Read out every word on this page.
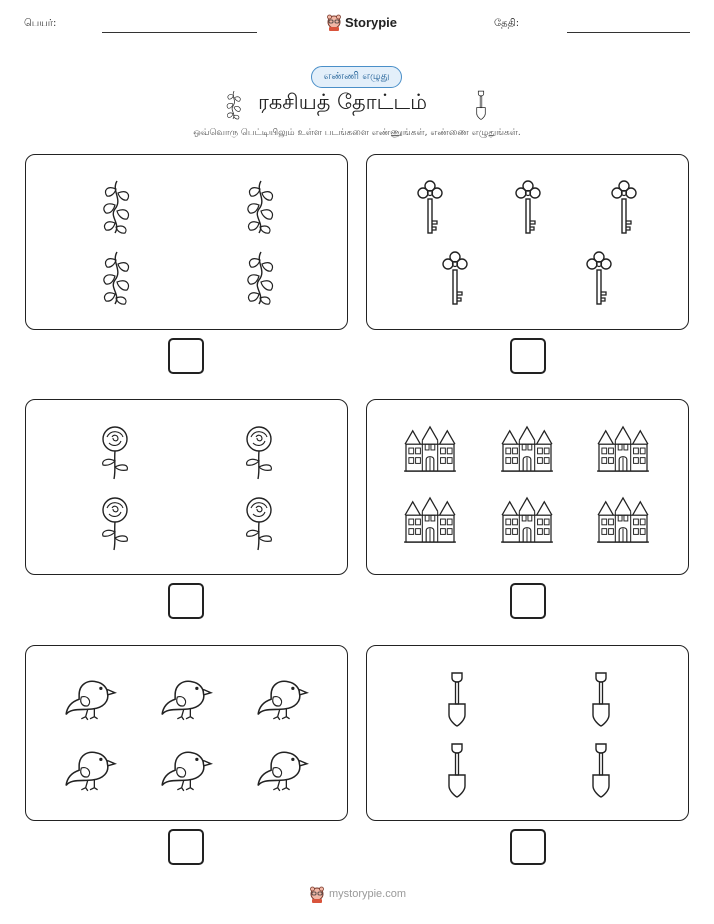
பெயர்:	Storypie	தேதி:
எண்ணி எழுது
ரகசியத் தோட்டம்
ஒவ்வொரு பெட்டியிலும் உள்ள படங்களை எண்ணுங்கள், எண்ணை எழுதுங்கள்.
mystorypie.com
